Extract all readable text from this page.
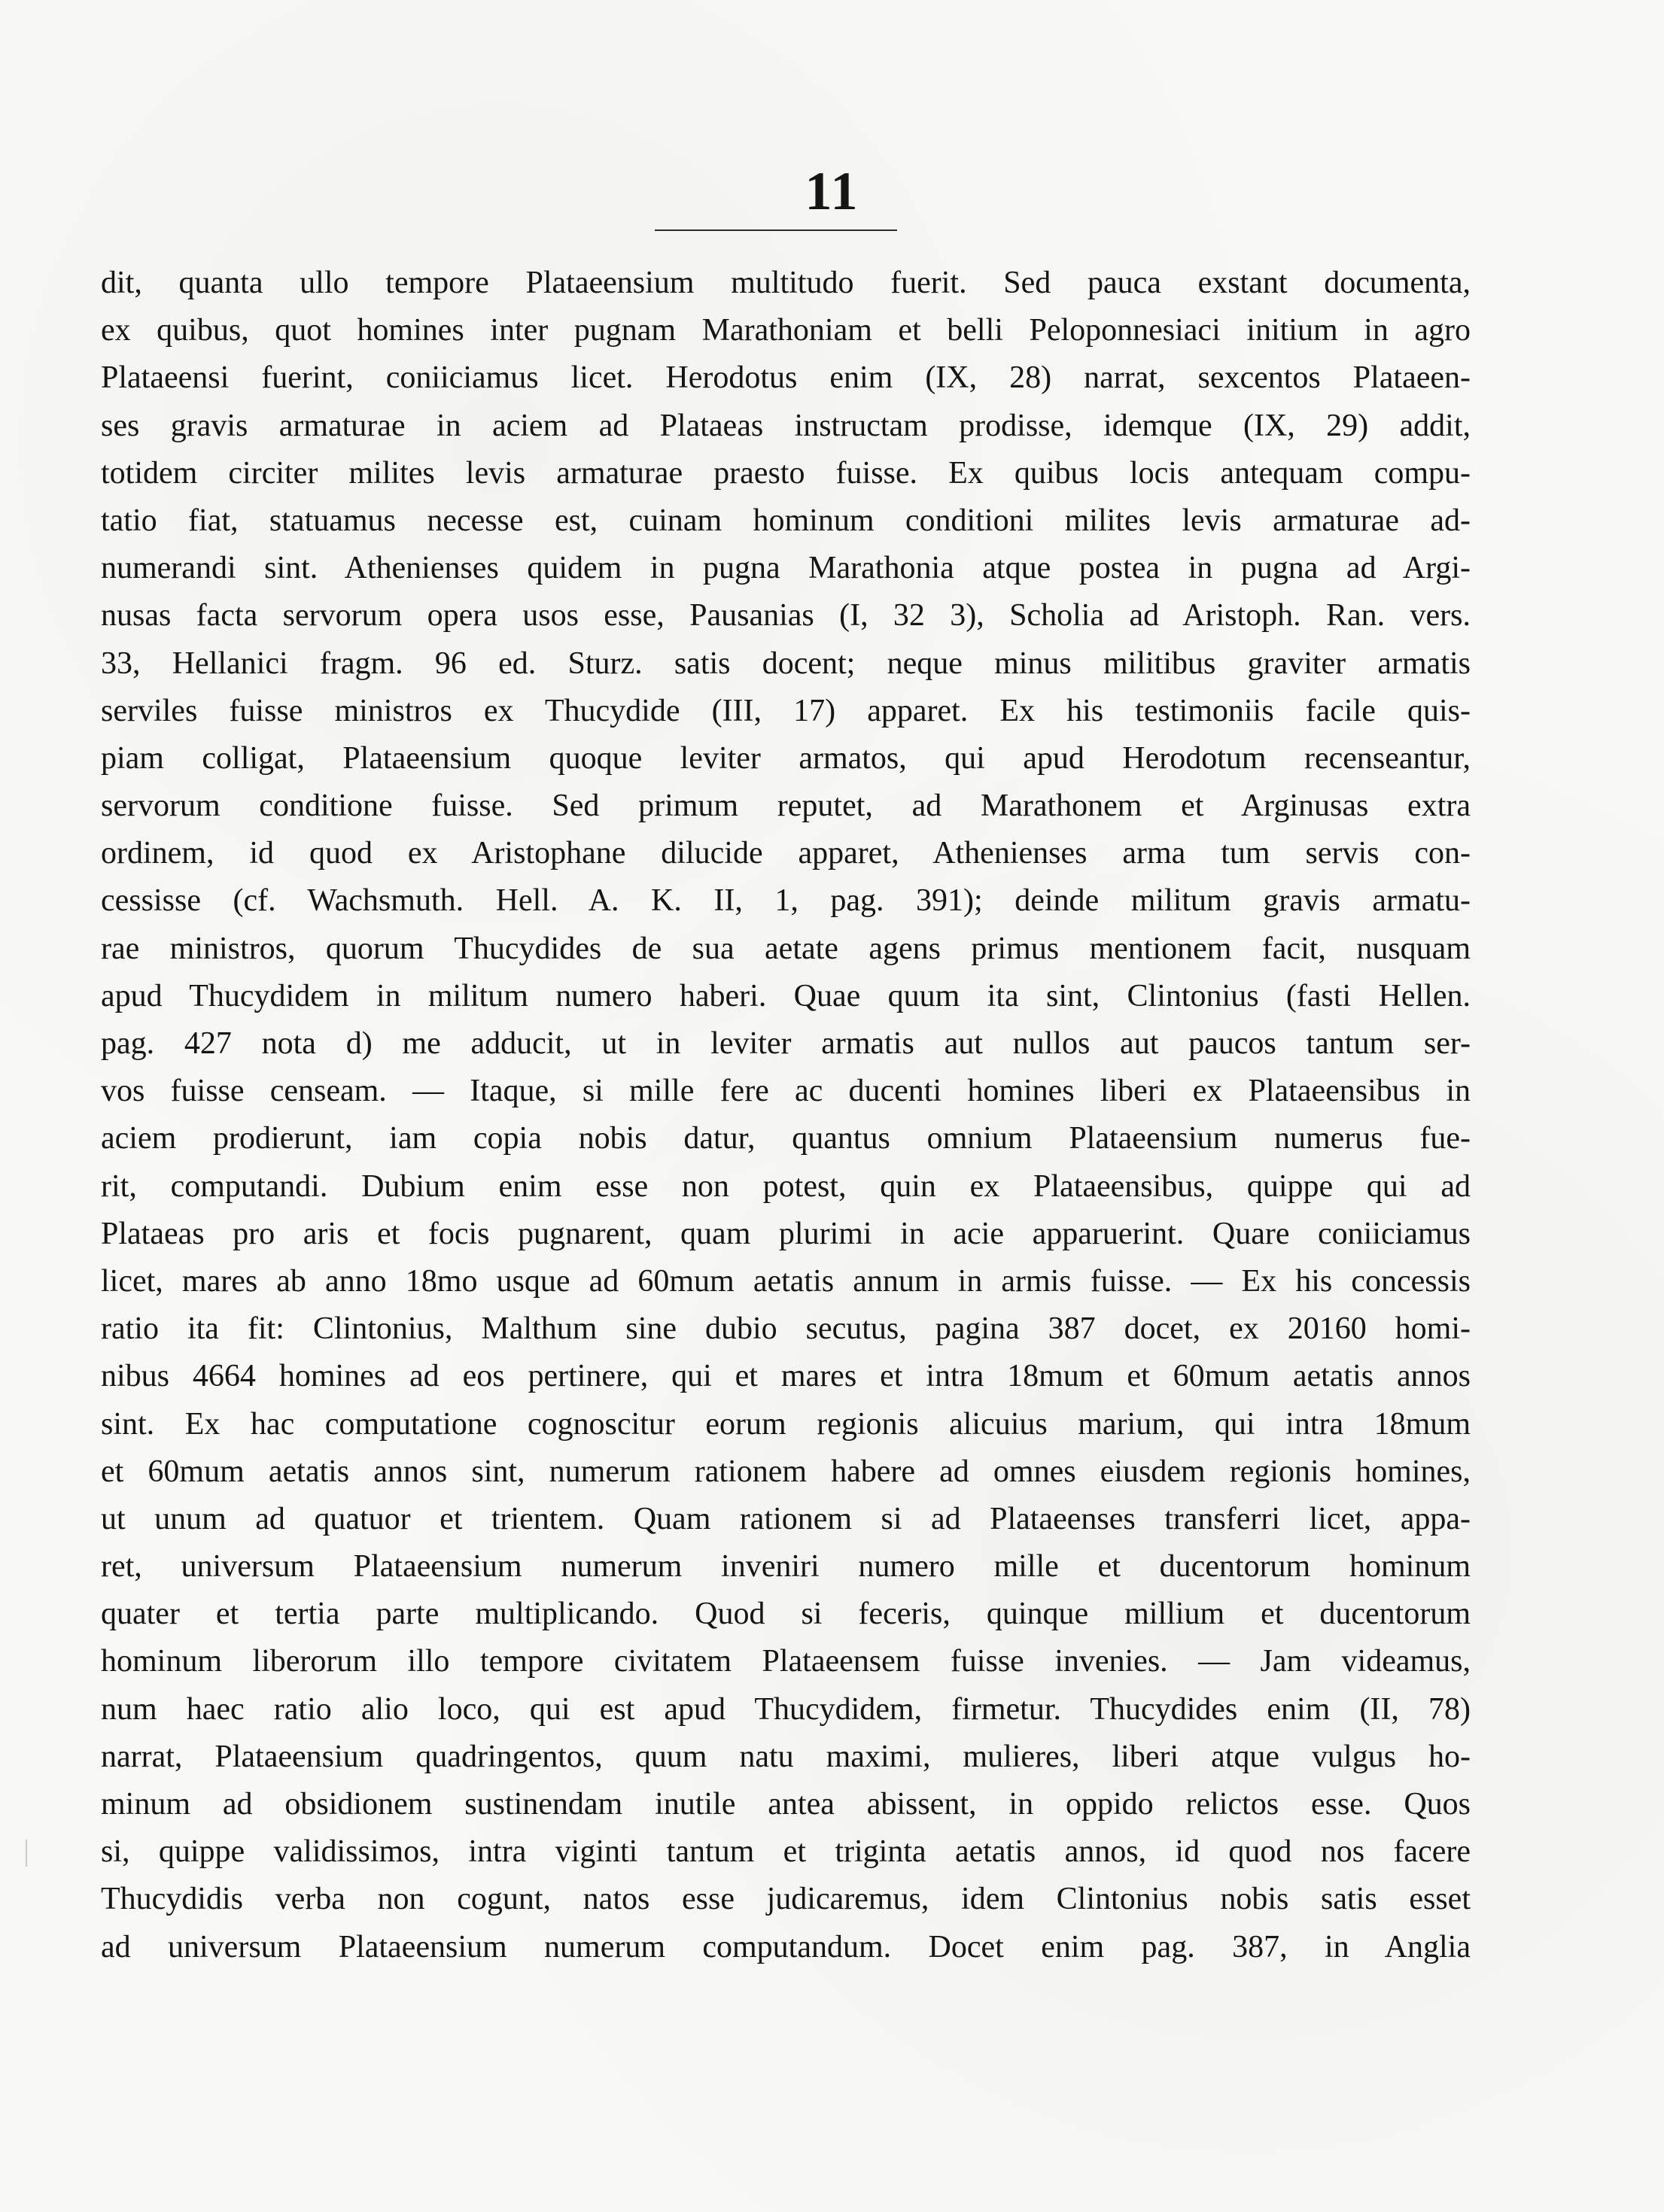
11
dit, quanta ullo tempore Plataeensium multitudo fuerit. Sed pauca exstant documenta,
ex quibus, quot homines inter pugnam Marathoniam et belli Peloponnesiaci initium in agro
Plataeensi fuerint, coniiciamus licet. Herodotus enim (IX, 28) narrat, sexcentos Plataeen-
ses gravis armaturae in aciem ad Plataeas instructam prodisse, idemque (IX, 29) addit,
totidem circiter milites levis armaturae praesto fuisse. Ex quibus locis antequam compu-
tatio fiat, statuamus necesse est, cuinam hominum conditioni milites levis armaturae ad-
numerandi sint. Athenienses quidem in pugna Marathonia atque postea in pugna ad Argi-
nusas facta servorum opera usos esse, Pausanias (I, 32 3), Scholia ad Aristoph. Ran. vers.
33, Hellanici fragm. 96 ed. Sturz. satis docent; neque minus militibus graviter armatis
serviles fuisse ministros ex Thucydide (III, 17) apparet. Ex his testimoniis facile quis-
piam colligat, Plataeensium quoque leviter armatos, qui apud Herodotum recenseantur,
servorum conditione fuisse. Sed primum reputet, ad Marathonem et Arginusas extra
ordinem, id quod ex Aristophane dilucide apparet, Athenienses arma tum servis con-
cessisse (cf. Wachsmuth. Hell. A. K. II, 1, pag. 391); deinde militum gravis armatu-
rae ministros, quorum Thucydides de sua aetate agens primus mentionem facit, nusquam
apud Thucydidem in militum numero haberi. Quae quum ita sint, Clintonius (fasti Hellen.
pag. 427 nota d) me adducit, ut in leviter armatis aut nullos aut paucos tantum ser-
vos fuisse censeam. — Itaque, si mille fere ac ducenti homines liberi ex Plataeensibus in
aciem prodierunt, iam copia nobis datur, quantus omnium Plataeensium numerus fue-
rit, computandi. Dubium enim esse non potest, quin ex Plataeensibus, quippe qui ad
Plataeas pro aris et focis pugnarent, quam plurimi in acie apparuerint. Quare coniiciamus
licet, mares ab anno 18mo usque ad 60mum aetatis annum in armis fuisse. — Ex his concessis
ratio ita fit: Clintonius, Malthum sine dubio secutus, pagina 387 docet, ex 20160 homi-
nibus 4664 homines ad eos pertinere, qui et mares et intra 18mum et 60mum aetatis annos
sint. Ex hac computatione cognoscitur eorum regionis alicuius marium, qui intra 18mum
et 60mum aetatis annos sint, numerum rationem habere ad omnes eiusdem regionis homines,
ut unum ad quatuor et trientem. Quam rationem si ad Plataeenses transferri licet, appa-
ret, universum Plataeensium numerum inveniri numero mille et ducentorum hominum
quater et tertia parte multiplicando. Quod si feceris, quinque millium et ducentorum
hominum liberorum illo tempore civitatem Plataeensem fuisse invenies. — Jam videamus,
num haec ratio alio loco, qui est apud Thucydidem, firmetur. Thucydides enim (II, 78)
narrat, Plataeensium quadringentos, quum natu maximi, mulieres, liberi atque vulgus ho-
minum ad obsidionem sustinendam inutile antea abissent, in oppido relictos esse. Quos
si, quippe validissimos, intra viginti tantum et triginta aetatis annos, id quod nos facere
Thucydidis verba non cogunt, natos esse judicaremus, idem Clintonius nobis satis esset
ad universum Plataeensium numerum computandum. Docet enim pag. 387, in Anglia
